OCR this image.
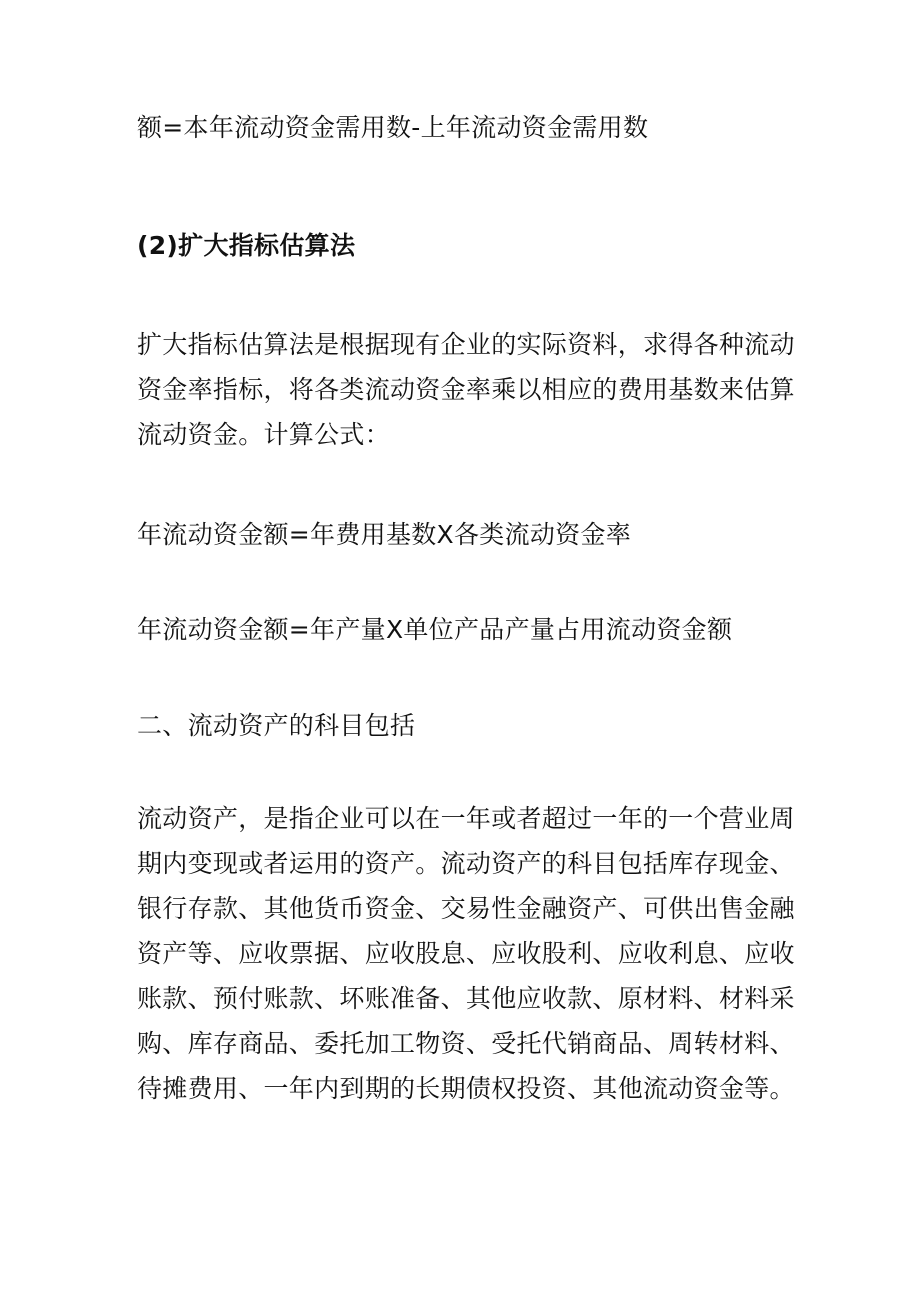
额=本年流动资金需用数-上年流动资金需用数
(2)扩大指标估算法
扩大指标估算法是根据现有企业的实际资料，求得各种流动
资金率指标，将各类流动资金率乘以相应的费用基数来估算
流动资金。计算公式：
年流动资金额=年费用基数X各类流动资金率
年流动资金额=年产量X单位产品产量占用流动资金额
二、流动资产的科目包括
流动资产，是指企业可以在一年或者超过一年的一个营业周
期内变现或者运用的资产。流动资产的科目包括库存现金、
银行存款、其他货币资金、交易性金融资产、可供出售金融
资产等、应收票据、应收股息、应收股利、应收利息、应收
账款、预付账款、坏账准备、其他应收款、原材料、材料采
购、库存商品、委托加工物资、受托代销商品、周转材料、
待摊费用、一年内到期的长期债权投资、其他流动资金等。
